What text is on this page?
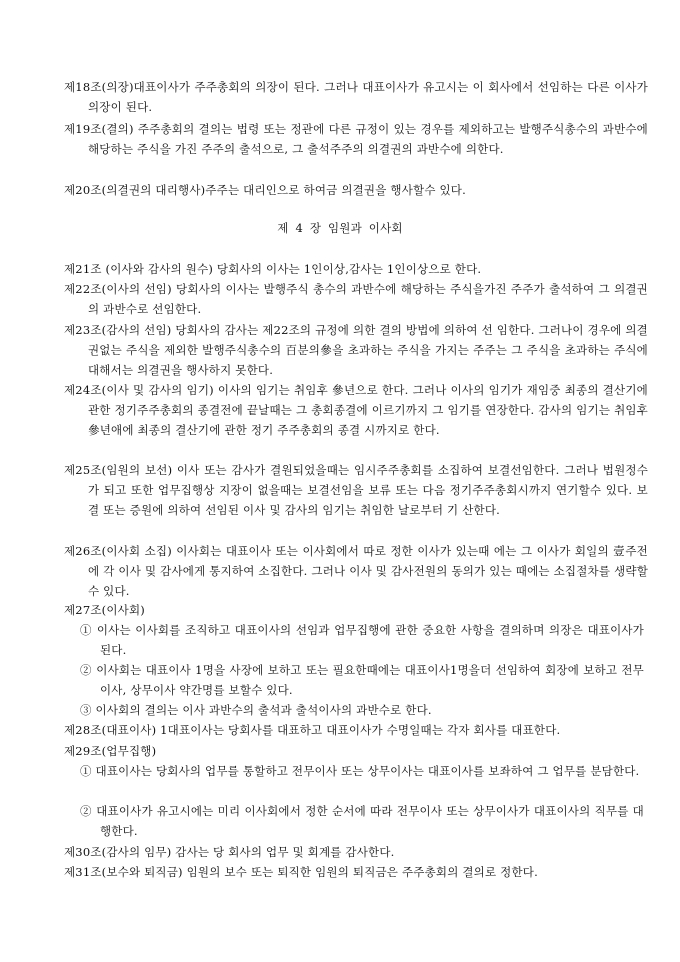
제18조(의장)대표이사가 주주총회의 의장이 된다. 그러나 대표이사가 유고시는 이 회사에서 선임하는 다른 이사가 의장이 된다.

제19조(결의) 주주총회의 결의는 법령 또는 정관에 다른 규정이 있는 경우를 제외하고는 발행주식총수의 과반수에 해당하는 주식을 가진 주주의 출석으로, 그 출석주주의 의결권의 과반수에 의한다.

제20조(의결권의 대리행사)주주는 대리인으로 하여금 의결권을 행사할수 있다.

제 4 장 임원과 이사회

제21조 (이사와 감사의 원수) 당회사의 이사는 1인이상,감사는 1인이상으로 한다.

제22조(이사의 선임) 당회사의 이사는 발행주식 총수의 과반수에 해당하는 주식을가진 주주가 출석하여 그 의결권의 과반수로 선임한다.

제23조(감사의 선임) 당회사의 감사는 제22조의 규정에 의한 결의 방법에 의하여 선 임한다. 그러나이 경우에 의결권없는 주식을 제외한 발행주식총수의 百분의參을 초과하는 주식을 가지는 주주는 그 주식을 초과하는 주식에 대해서는 의결권을 행사하지 못한다.

제24조(이사 및 감사의 임기) 이사의 임기는 취임후 參년으로 한다. 그러나 이사의 임기가 재임중 최종의 결산기에 관한 정기주주총회의 종결전에 끝날때는 그 총회종결에 이르기까지 그 임기를 연장한다. 감사의 임기는 취임후 參년애에 최종의 결산기에 관한 정기 주주총회의 종결 시까지로 한다.

제25조(임원의 보선) 이사 또는 감사가 결원되었을때는 임시주주총회를 소집하여 보결선임한다. 그러나 법원정수가 되고 또한 업무집행상 지장이 없을때는 보결선임을 보류 또는 다음 정기주주총회시까지 연기할수 있다. 보결 또는 증원에 의하여 선임된 이사 및 감사의 임기는 취임한 날로부터 기 산한다.

제26조(이사회 소집) 이사회는 대표이사 또는 이사회에서 따로 정한 이사가 있는때 에는 그 이사가 회일의 壹주전에 각 이사 및 감사에게 통지하여 소집한다. 그러나 이사 및 감사전원의 동의가 있는 때에는 소집절차를 생략할수 있다.

제27조(이사회)

① 이사는 이사회를 조직하고 대표이사의 선임과 업무집행에 관한 중요한 사항을 결의하며 의장은 대표이사가된다.

② 이사회는 대표이사 1명을 사장에 보하고 또는 필요한때에는 대표이사1명을더 선임하여 회장에 보하고 전무이사, 상무이사 약간명를 보할수 있다.

③ 이사회의 결의는 이사 과반수의 출석과 출석이사의 과반수로 한다.

제28조(대표이사) 1대표이사는 당회사를 대표하고 대표이사가 수명일때는 각자 회사를 대표한다.

제29조(업무집행)

① 대표이사는 당회사의 업무를 통할하고 전무이사 또는 상무이사는 대표이사를 보좌하여 그 업무를 분담한다.

② 대표이사가 유고시에는 미리 이사회에서 정한 순서에 따라 전무이사 또는 상무이사가 대표이사의 직무를 대행한다.

제30조(감사의 임무) 감사는 당 회사의 업무 및 회계를 감사한다.

제31조(보수와 퇴직금) 임원의 보수 또는 퇴직한 임원의 퇴직금은 주주총회의 결의로 정한다.
